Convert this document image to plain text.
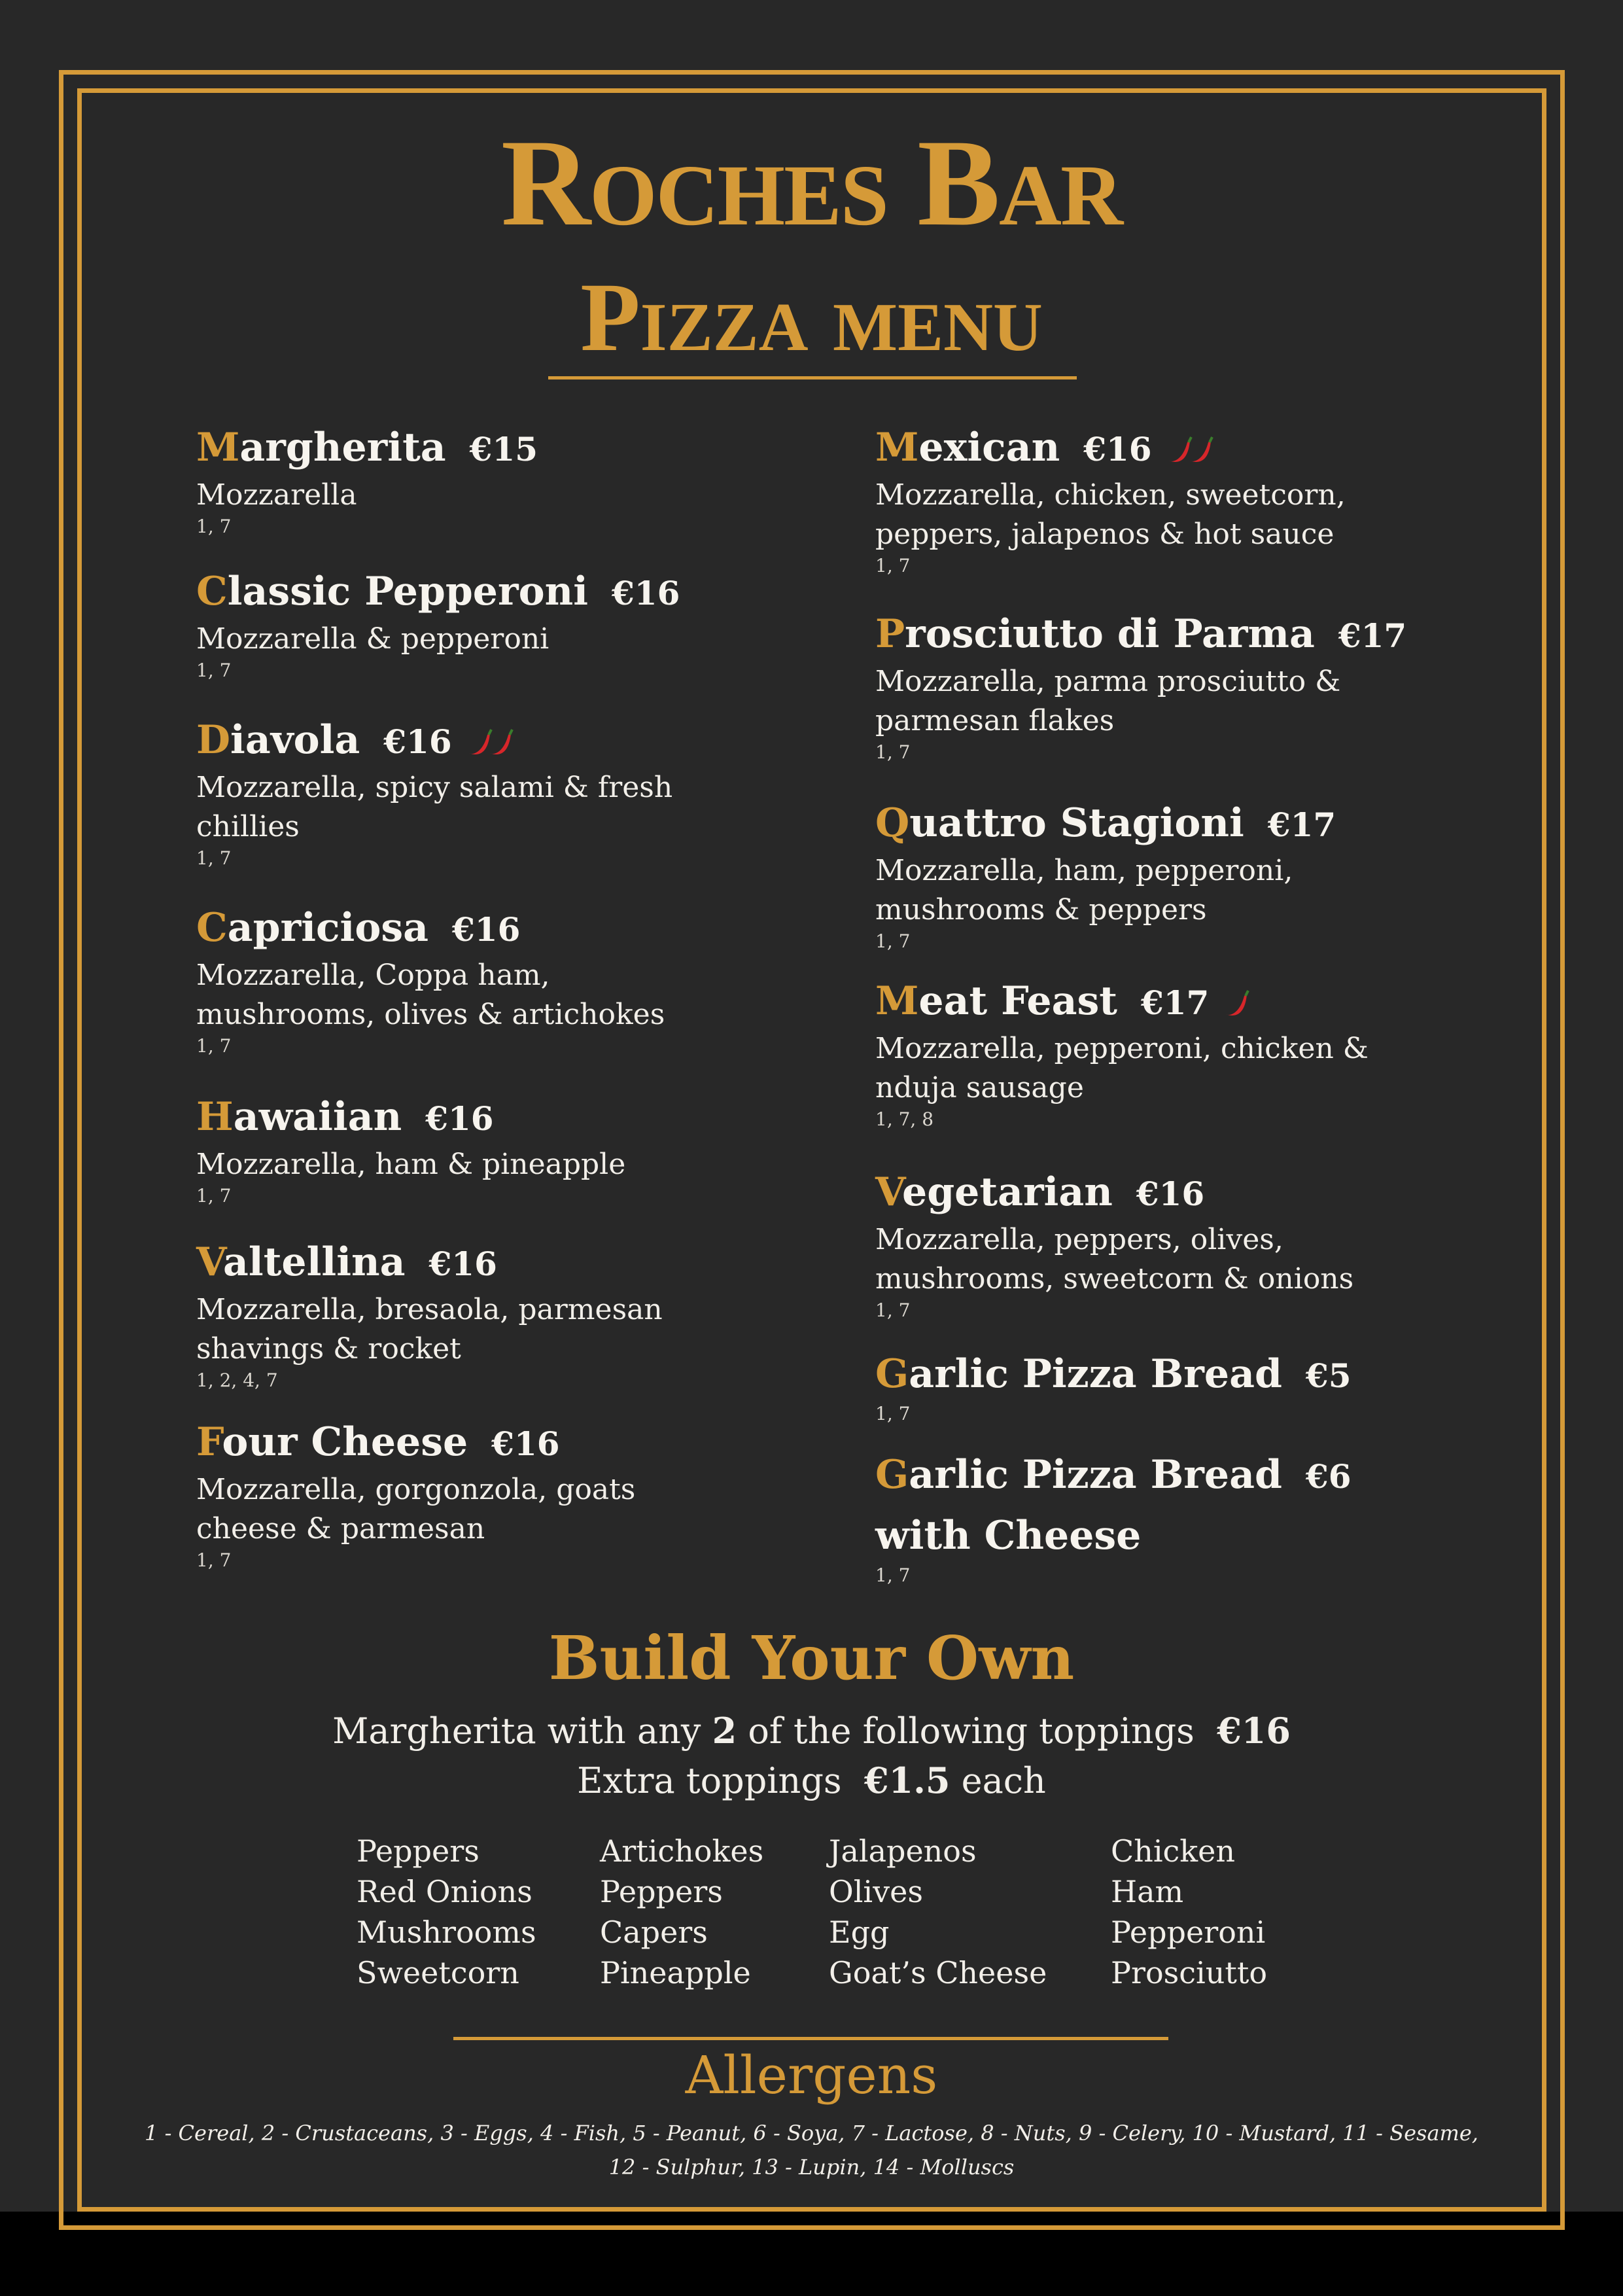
Roches Bar
Pizza menu
Margherita €15
Mozzarella
1, 7
Classic Pepperoni €16
Mozzarella & pepperoni
1, 7
Diavola €16
Mozzarella, spicy salami & fresh chillies
1, 7
Capriciosa €16
Mozzarella, Coppa ham, mushrooms, olives & artichokes
1, 7
Hawaiian €16
Mozzarella, ham & pineapple
1, 7
Valtellina €16
Mozzarella, bresaola, parmesan shavings & rocket
1, 2, 4, 7
Four Cheese €16
Mozzarella, gorgonzola, goats cheese & parmesan
1, 7
Mexican €16
Mozzarella, chicken, sweetcorn, peppers, jalapenos & hot sauce
1, 7
Prosciutto di Parma €17
Mozzarella, parma prosciutto & parmesan flakes
1, 7
Quattro Stagioni €17
Mozzarella, ham, pepperoni, mushrooms & peppers
1, 7
Meat Feast €17
Mozzarella, pepperoni, chicken & nduja sausage
1, 7, 8
Vegetarian €16
Mozzarella, peppers, olives, mushrooms, sweetcorn & onions
1, 7
Garlic Pizza Bread €5
1, 7
Garlic Pizza Bread €6
with Cheese
1, 7
Build Your Own
Margherita with any 2 of the following toppings €16
Extra toppings €1.5 each
Peppers
Red Onions
Mushrooms
Sweetcorn
Artichokes
Peppers
Capers
Pineapple
Jalapenos
Olives
Egg
Goat’s Cheese
Chicken
Ham
Pepperoni
Prosciutto
Allergens
1 - Cereal, 2 - Crustaceans, 3 - Eggs, 4 - Fish, 5 - Peanut, 6 - Soya, 7 - Lactose, 8 - Nuts, 9 - Celery, 10 - Mustard, 11 - Sesame,
12 - Sulphur, 13 - Lupin, 14 - Molluscs
